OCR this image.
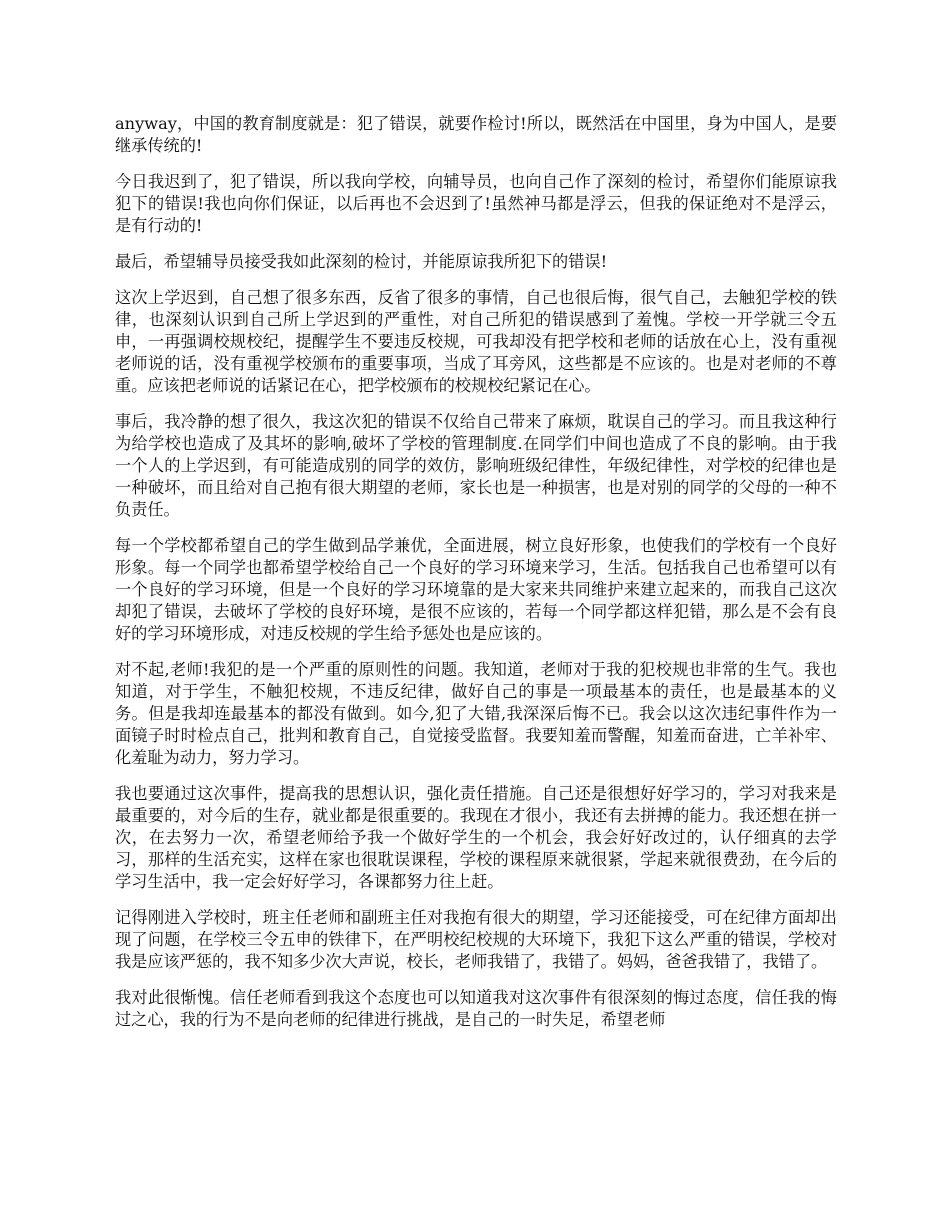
anyway，中国的教育制度就是：犯了错误，就要作检讨!所以，既然活在中国里，身为中国人，是要继承传统的!

今日我迟到了，犯了错误，所以我向学校，向辅导员，也向自己作了深刻的检讨，希望你们能原谅我犯下的错误!我也向你们保证，以后再也不会迟到了!虽然神马都是浮云，但我的保证绝对不是浮云，是有行动的!

最后，希望辅导员接受我如此深刻的检讨，并能原谅我所犯下的错误!

这次上学迟到，自己想了很多东西，反省了很多的事情，自己也很后悔，很气自己，去触犯学校的铁律，也深刻认识到自己所上学迟到的严重性，对自己所犯的错误感到了羞愧。学校一开学就三令五申，一再强调校规校纪，提醒学生不要违反校规，可我却没有把学校和老师的话放在心上，没有重视老师说的话，没有重视学校颁布的重要事项，当成了耳旁风，这些都是不应该的。也是对老师的不尊重。应该把老师说的话紧记在心，把学校颁布的校规校纪紧记在心。

事后，我冷静的想了很久，我这次犯的错误不仅给自己带来了麻烦，耽误自己的学习。而且我这种行为给学校也造成了及其坏的影响,破坏了学校的管理制度.在同学们中间也造成了不良的影响。由于我一个人的上学迟到，有可能造成别的同学的效仿，影响班级纪律性，年级纪律性，对学校的纪律也是一种破坏，而且给对自己抱有很大期望的老师，家长也是一种损害，也是对别的同学的父母的一种不负责任。

每一个学校都希望自己的学生做到品学兼优，全面进展，树立良好形象，也使我们的学校有一个良好形象。每一个同学也都希望学校给自己一个良好的学习环境来学习，生活。包括我自己也希望可以有一个良好的学习环境，但是一个良好的学习环境靠的是大家来共同维护来建立起来的，而我自己这次却犯了错误，去破坏了学校的良好环境，是很不应该的，若每一个同学都这样犯错，那么是不会有良好的学习环境形成，对违反校规的学生给予惩处也是应该的。

对不起,老师!我犯的是一个严重的原则性的问题。我知道，老师对于我的犯校规也非常的生气。我也知道，对于学生，不触犯校规，不违反纪律，做好自己的事是一项最基本的责任，也是最基本的义务。但是我却连最基本的都没有做到。如今,犯了大错,我深深后悔不已。我会以这次违纪事件作为一面镜子时时检点自己，批判和教育自己，自觉接受监督。我要知羞而警醒，知羞而奋进，亡羊补牢、化羞耻为动力，努力学习。

我也要通过这次事件，提高我的思想认识，强化责任措施。自己还是很想好好学习的，学习对我来是最重要的，对今后的生存，就业都是很重要的。我现在才很小，我还有去拼搏的能力。我还想在拼一次，在去努力一次，希望老师给予我一个做好学生的一个机会，我会好好改过的，认仔细真的去学习，那样的生活充实，这样在家也很耽误课程，学校的课程原来就很紧，学起来就很费劲，在今后的学习生活中，我一定会好好学习，各课都努力往上赶。

记得刚进入学校时，班主任老师和副班主任对我抱有很大的期望，学习还能接受，可在纪律方面却出现了问题，在学校三令五申的铁律下，在严明校纪校规的大环境下，我犯下这么严重的错误，学校对我是应该严惩的，我不知多少次大声说，校长，老师我错了，我错了。妈妈，爸爸我错了，我错了。

我对此很惭愧。信任老师看到我这个态度也可以知道我对这次事件有很深刻的悔过态度，信任我的悔过之心，我的行为不是向老师的纪律进行挑战，是自己的一时失足，希望老师
